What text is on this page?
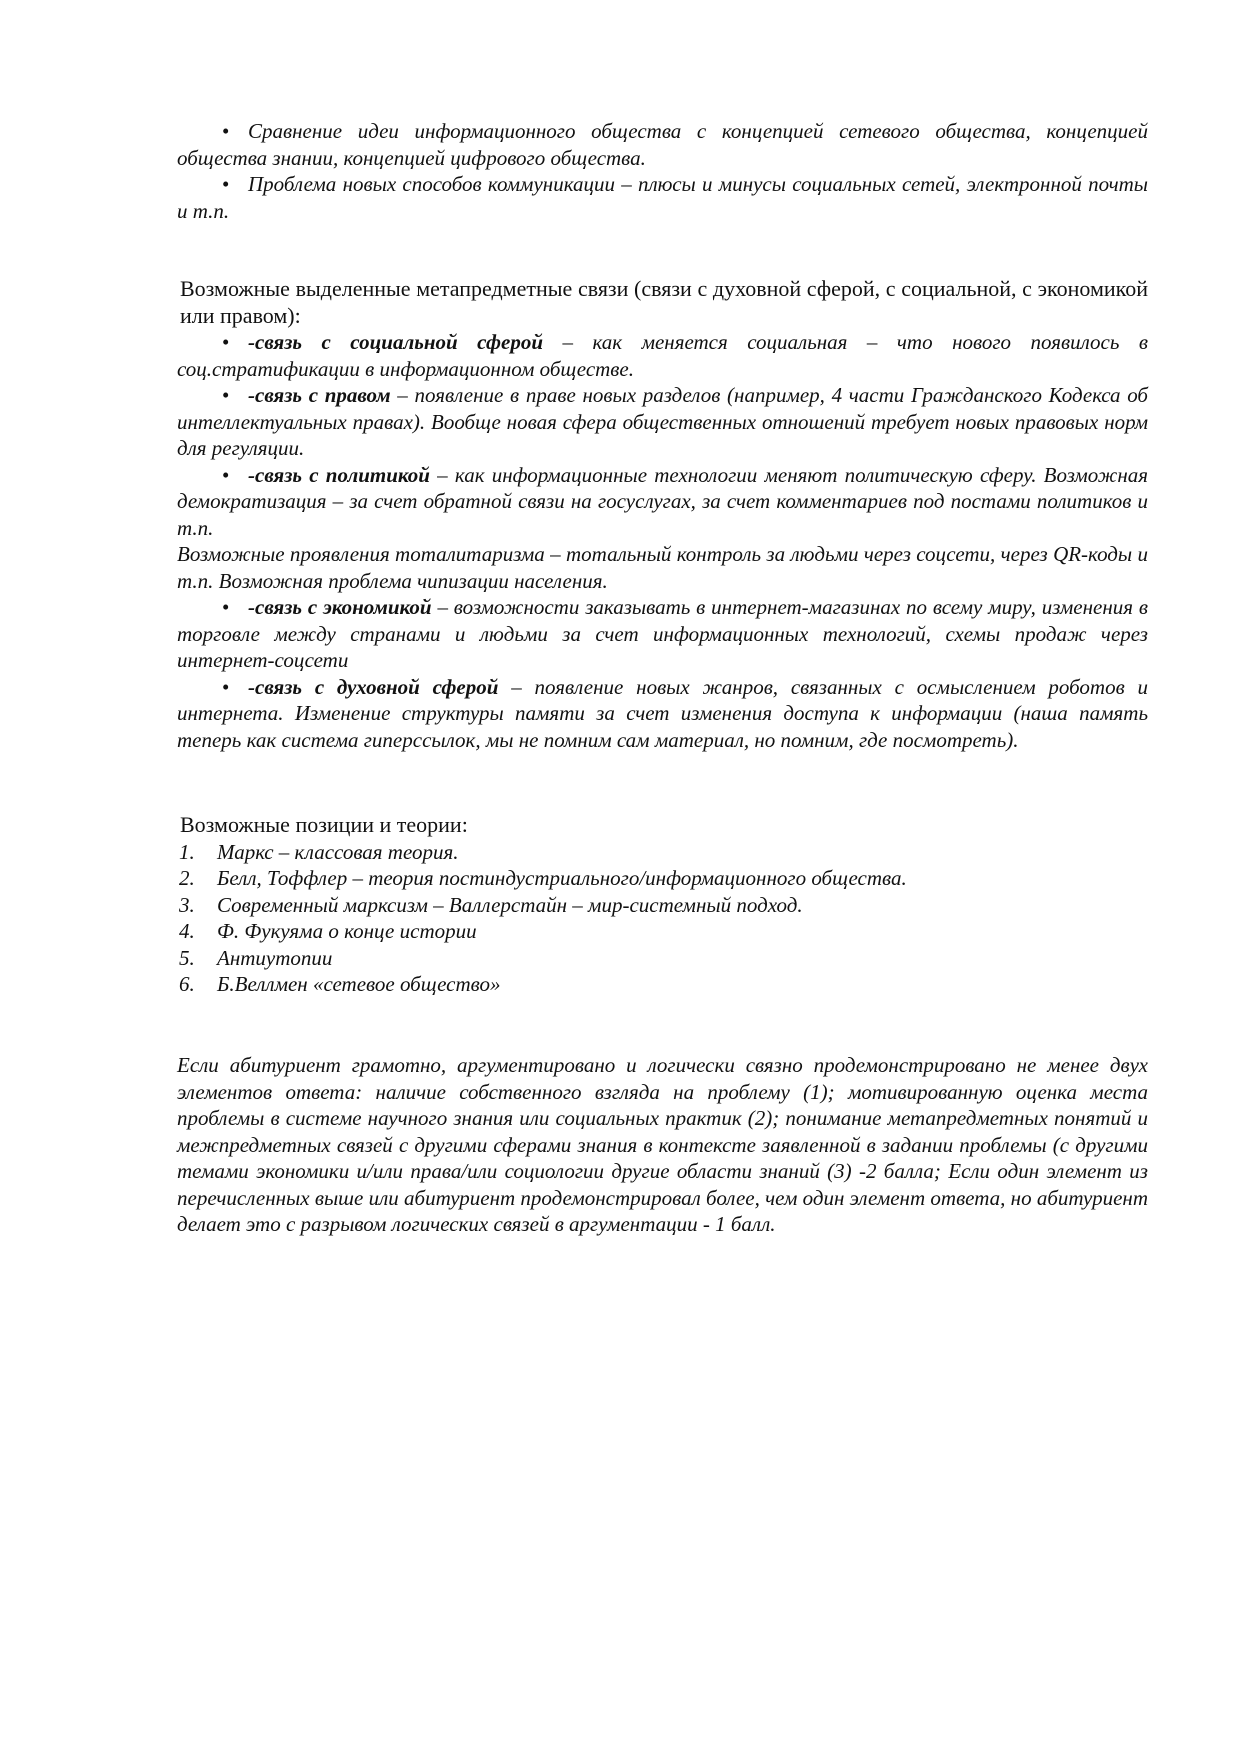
• Сравнение идеи информационного общества с концепцией сетевого общества, концепцией общества знании, концепцией цифрового общества.

• Проблема новых способов коммуникации – плюсы и минусы социальных сетей, электронной почты и т.п.

Возможные выделенные метапредметные связи (связи с духовной сферой, с социальной, с экономикой или правом):

• -связь с социальной сферой – как меняется социальная – что нового появилось в соц.стратификации в информационном обществе.

• -связь с правом – появление в праве новых разделов (например, 4 части Гражданского Кодекса об интеллектуальных правах). Вообще новая сфера общественных отношений требует новых правовых норм для регуляции.

• -связь с политикой – как информационные технологии меняют политическую сферу. Возможная демократизация – за счет обратной связи на госуслугах, за счет комментариев под постами политиков и т.п.

Возможные проявления тоталитаризма – тотальный контроль за людьми через соцсети, через QR-коды и т.п. Возможная проблема чипизации населения.

• -связь с экономикой – возможности заказывать в интернет-магазинах по всему миру, изменения в торговле между странами и людьми за счет информационных технологий, схемы продаж через интернет-соцсети

• -связь с духовной сферой – появление новых жанров, связанных с осмыслением роботов и интернета. Изменение структуры памяти за счет изменения доступа к информации (наша память теперь как система гиперссылок, мы не помним сам материал, но помним, где посмотреть).

Возможные позиции и теории:

1. Маркс – классовая теория.
2. Белл, Тоффлер – теория постиндустриального/информационного общества.
3. Современный марксизм – Валлерстайн – мир-системный подход.
4. Ф. Фукуяма о конце истории
5. Антиутопии
6. Б.Веллмен «сетевое общество»

Если абитуриент грамотно, аргументировано и логически связно продемонстрировано не менее двух элементов ответа: наличие собственного взгляда на проблему (1); мотивированную оценка места проблемы в системе научного знания или социальных практик (2); понимание метапредметных понятий и межпредметных связей с другими сферами знания в контексте заявленной в задании проблемы (с другими темами экономики и/или права/или социологии другие области знаний (3) -2 балла; Если один элемент из перечисленных выше или абитуриент продемонстрировал более, чем один элемент ответа, но абитуриент делает это с разрывом логических связей в аргументации - 1 балл.
